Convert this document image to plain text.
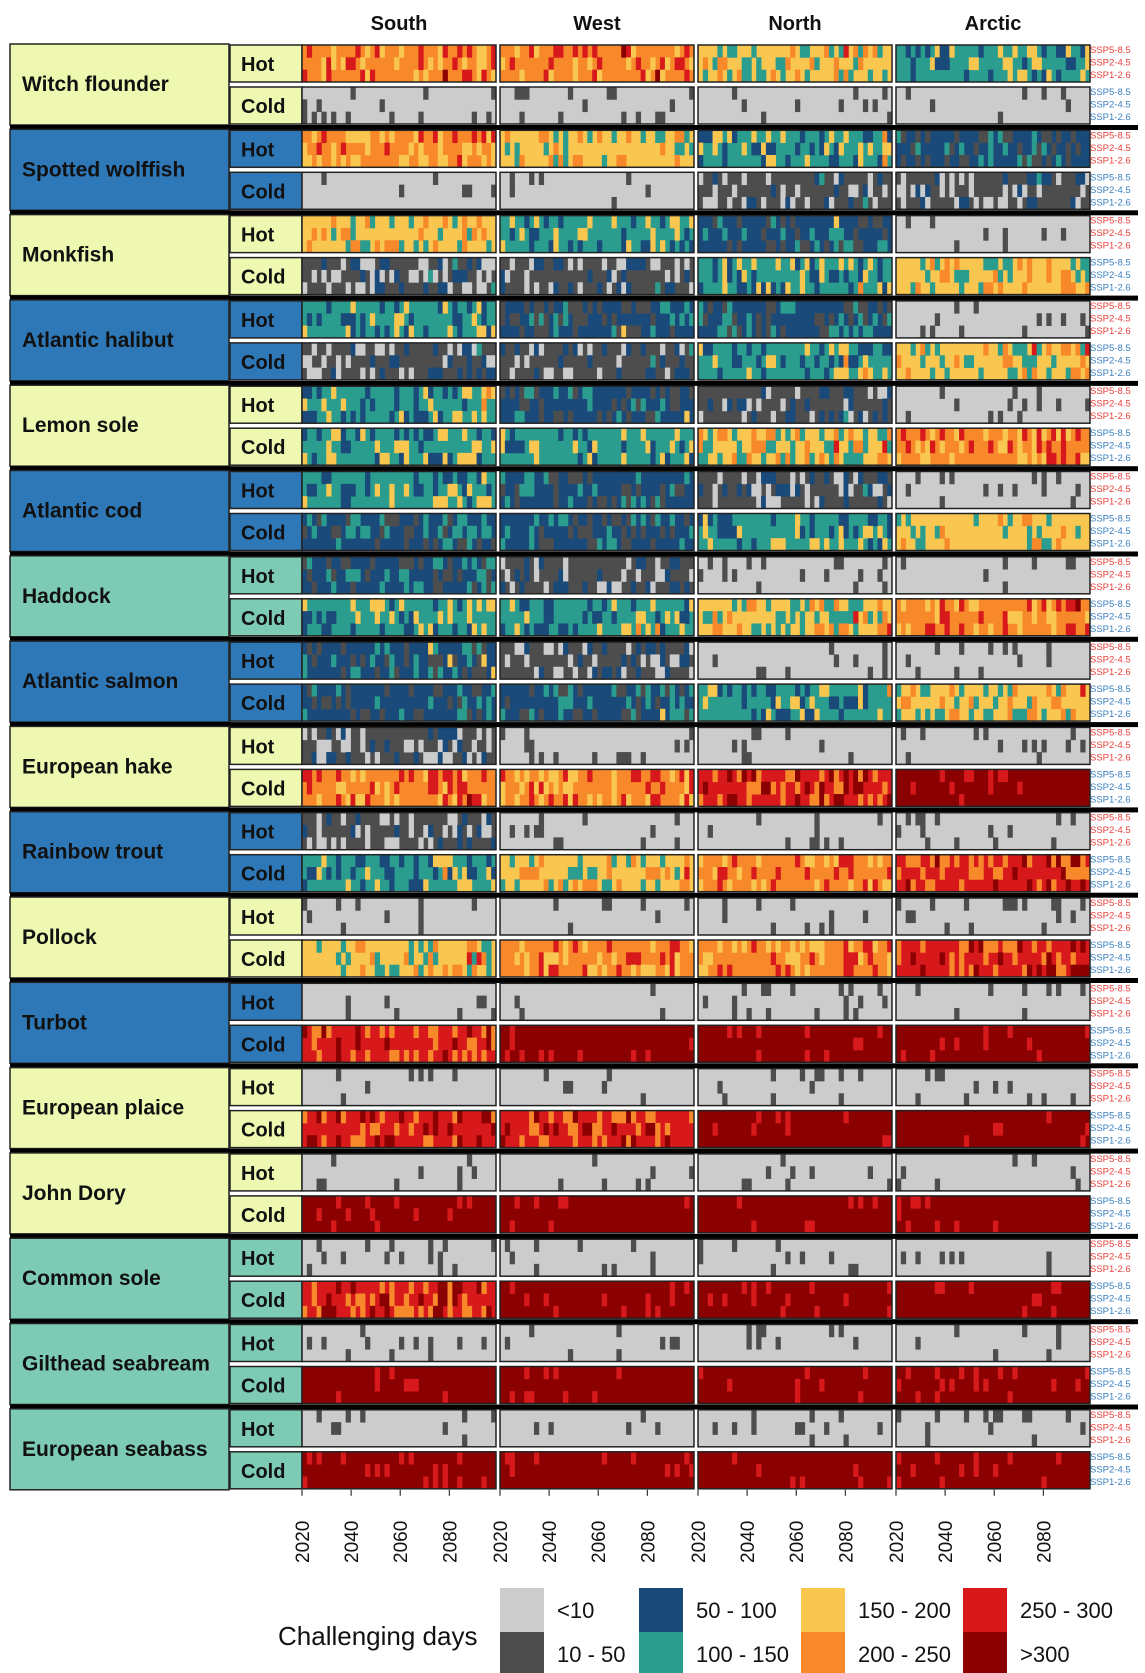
South	West	North	Arctic
Witch flounder
Hot
SSP5-8.5
SSP2-4.5
SSP1-2.6
Cold
SSP5-8.5
SSP2-4.5
SSP1-2.6
Spotted wolffish
Hot
SSP5-8.5
SSP2-4.5
SSP1-2.6
Cold
SSP5-8.5
SSP2-4.5
SSP1-2.6
Monkfish
Hot
SSP5-8.5
SSP2-4.5
SSP1-2.6
Cold
SSP5-8.5
SSP2-4.5
SSP1-2.6
Atlantic halibut
Hot
SSP5-8.5
SSP2-4.5
SSP1-2.6
Cold
SSP5-8.5
SSP2-4.5
SSP1-2.6
Lemon sole
Hot
SSP5-8.5
SSP2-4.5
SSP1-2.6
Cold
SSP5-8.5
SSP2-4.5
SSP1-2.6
Atlantic cod
Hot
SSP5-8.5
SSP2-4.5
SSP1-2.6
Cold
SSP5-8.5
SSP2-4.5
SSP1-2.6
Haddock
Hot
SSP5-8.5
SSP2-4.5
SSP1-2.6
Cold
SSP5-8.5
SSP2-4.5
SSP1-2.6
Atlantic salmon
Hot
SSP5-8.5
SSP2-4.5
SSP1-2.6
Cold
SSP5-8.5
SSP2-4.5
SSP1-2.6
European hake
Hot
SSP5-8.5
SSP2-4.5
SSP1-2.6
Cold
SSP5-8.5
SSP2-4.5
SSP1-2.6
Rainbow trout
Hot
SSP5-8.5
SSP2-4.5
SSP1-2.6
Cold
SSP5-8.5
SSP2-4.5
SSP1-2.6
Pollock
Hot
SSP5-8.5
SSP2-4.5
SSP1-2.6
Cold
SSP5-8.5
SSP2-4.5
SSP1-2.6
Turbot
Hot
SSP5-8.5
SSP2-4.5
SSP1-2.6
Cold
SSP5-8.5
SSP2-4.5
SSP1-2.6
European plaice
Hot
SSP5-8.5
SSP2-4.5
SSP1-2.6
Cold
SSP5-8.5
SSP2-4.5
SSP1-2.6
John Dory
Hot
SSP5-8.5
SSP2-4.5
SSP1-2.6
Cold
SSP5-8.5
SSP2-4.5
SSP1-2.6
Common sole
Hot
SSP5-8.5
SSP2-4.5
SSP1-2.6
Cold
SSP5-8.5
SSP2-4.5
SSP1-2.6
Gilthead seabream
Hot
SSP5-8.5
SSP2-4.5
SSP1-2.6
Cold
SSP5-8.5
SSP2-4.5
SSP1-2.6
European seabass
Hot
SSP5-8.5
SSP2-4.5
SSP1-2.6
Cold
SSP5-8.5
SSP2-4.5
SSP1-2.6
2020 2040 2060 2080 2020 2040 2060 2080 2020 2040 2060 2080 2020 2040 2060 2080
Challenging days
<10
10 - 50
50 - 100
100 - 150
150 - 200
200 - 250
250 - 300
>300
